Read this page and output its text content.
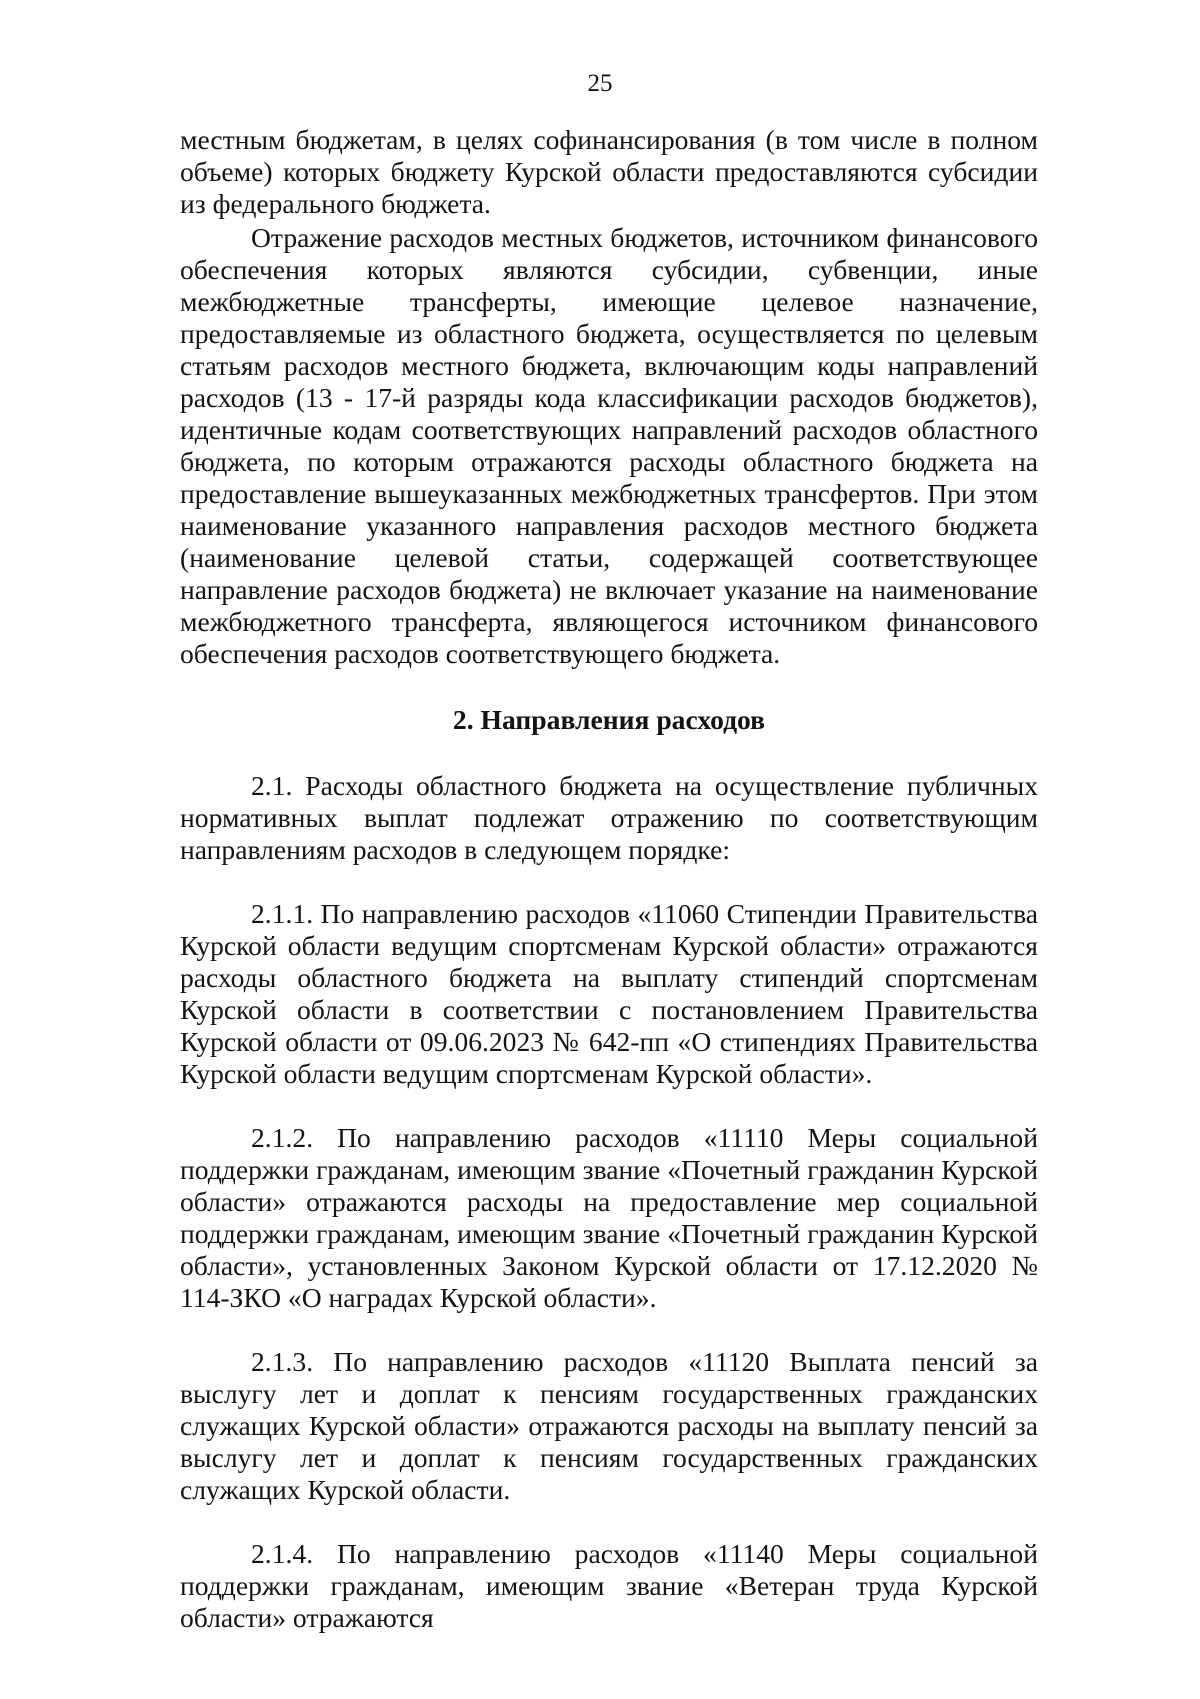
25

местным бюджетам, в целях софинансирования (в том числе в полном объеме) которых бюджету Курской области предоставляются субсидии из федерального бюджета.

Отражение расходов местных бюджетов, источником финансового обеспечения которых являются субсидии, субвенции, иные межбюджетные трансферты, имеющие целевое назначение, предоставляемые из областного бюджета, осуществляется по целевым статьям расходов местного бюджета, включающим коды направлений расходов (13 - 17-й разряды кода классификации расходов бюджетов), идентичные кодам соответствующих направлений расходов областного бюджета, по которым отражаются расходы областного бюджета на предоставление вышеуказанных межбюджетных трансфертов. При этом наименование указанного направления расходов местного бюджета (наименование целевой статьи, содержащей соответствующее направление расходов бюджета) не включает указание на наименование межбюджетного трансферта, являющегося источником финансового обеспечения расходов соответствующего бюджета.

2. Направления расходов

2.1. Расходы областного бюджета на осуществление публичных нормативных выплат подлежат отражению по соответствующим направлениям расходов в следующем порядке:

2.1.1. По направлению расходов «11060 Стипендии Правительства Курской области ведущим спортсменам Курской области» отражаются расходы областного бюджета на выплату стипендий спортсменам Курской области в соответствии с постановлением Правительства Курской области от 09.06.2023 № 642-пп «О стипендиях Правительства Курской области ведущим спортсменам Курской области».

2.1.2. По направлению расходов «11110 Меры социальной поддержки гражданам, имеющим звание «Почетный гражданин Курской области» отражаются расходы на предоставление мер социальной поддержки гражданам, имеющим звание «Почетный гражданин Курской области», установленных Законом Курской области от 17.12.2020 № 114-ЗКО «О наградах Курской области».

2.1.3. По направлению расходов «11120 Выплата пенсий за выслугу лет и доплат к пенсиям государственных гражданских служащих Курской области» отражаются расходы на выплату пенсий за выслугу лет и доплат к пенсиям государственных гражданских служащих Курской области.

2.1.4. По направлению расходов «11140 Меры социальной поддержки гражданам, имеющим звание «Ветеран труда Курской области» отражаются
